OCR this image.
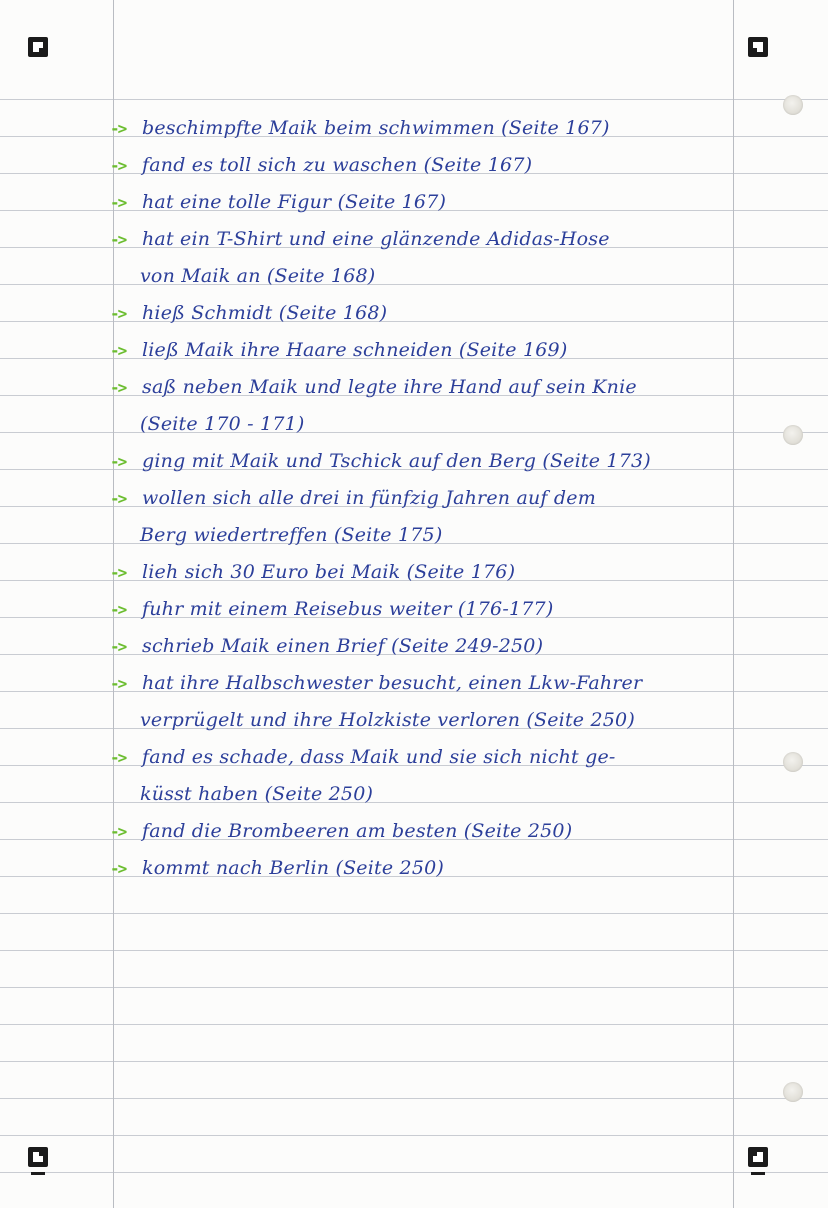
-> beschimpfte Maik beim schwimmen (Seite 167)
-> fand es toll sich zu waschen (Seite 167)
-> hat eine tolle Figur (Seite 167)
-> hat ein T-Shirt und eine glänzende Adidas-Hose
von Maik an (Seite 168)
-> hieß Schmidt (Seite 168)
-> ließ Maik ihre Haare schneiden (Seite 169)
-> saß neben Maik und legte ihre Hand auf sein Knie
(Seite 170 - 171)
-> ging mit Maik und Tschick auf den Berg (Seite 173)
-> wollen sich alle drei in fünfzig Jahren auf dem
Berg wiedertreffen (Seite 175)
-> lieh sich 30 Euro bei Maik (Seite 176)
-> fuhr mit einem Reisebus weiter (176-177)
-> schrieb Maik einen Brief (Seite 249-250)
-> hat ihre Halbschwester besucht, einen Lkw-Fahrer
verprügelt und ihre Holzkiste verloren (Seite 250)
-> fand es schade, dass Maik und sie sich nicht ge-
küsst haben (Seite 250)
-> fand die Brombeeren am besten (Seite 250)
-> kommt nach Berlin (Seite 250)
